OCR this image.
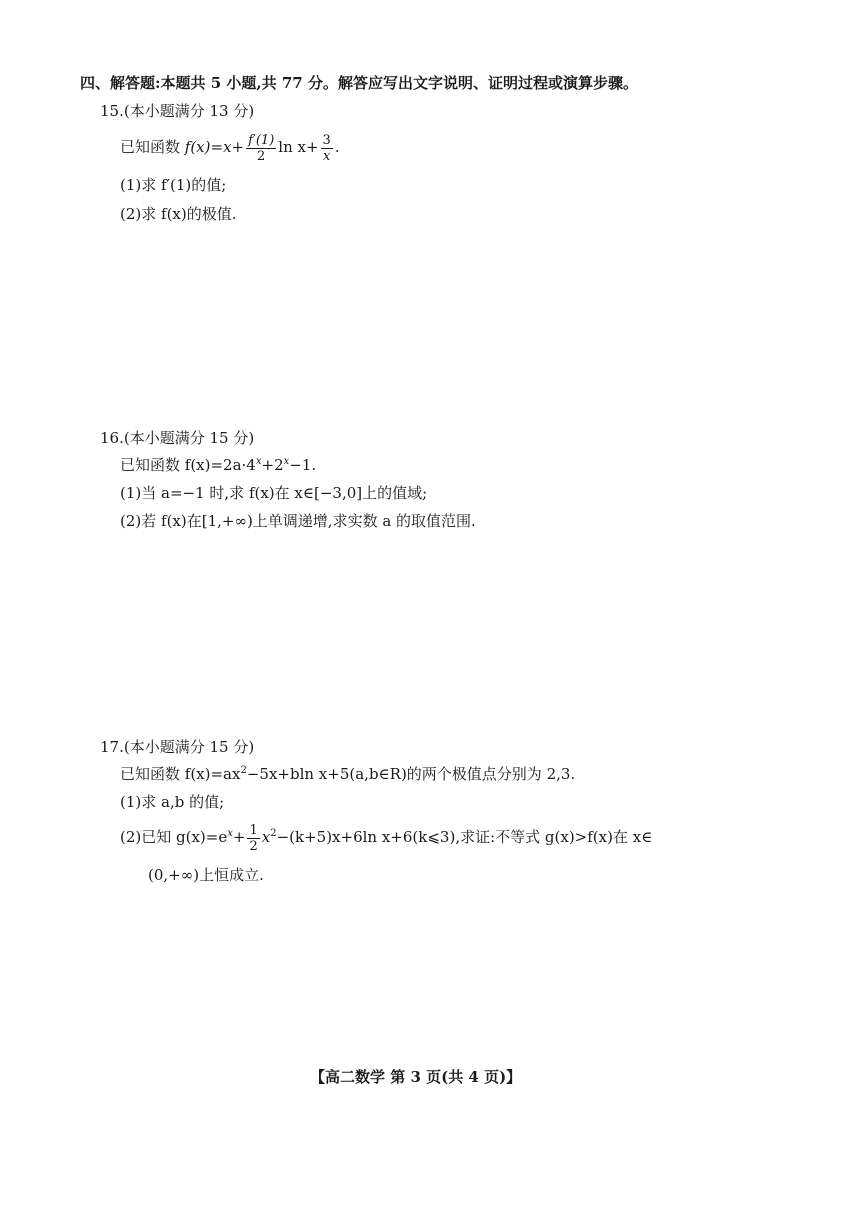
四、解答题:本题共 5 小题,共 77 分。解答应写出文字说明、证明过程或演算步骤。
15.(本小题满分 13 分)
已知函数 $f(x)=x+ \frac{f'(1)}{2}$ $\ln x+ \frac{3}{x}$ .
(1)求 f′(1)的值;
(2)求 f(x)的极值.
16.(本小题满分 15 分)
已知函数 $f(x)=2a\cdot 4^x+2^x-1$.
(1)当 a=−1 时,求 f(x)在 x∈[−3,0]上的值域;
(2)若 f(x)在[1,+∞)上单调递增,求实数 a 的取值范围.
17.(本小题满分 15 分)
已知函数 $f(x)=ax^2-5x+bln$ x+5(a,b∈R)的两个极值点分别为 2,3.
(1)求 a,b 的值;
(2)已知 $g(x)=e^x+ \frac{1}{2} x^2-(k+5)x+6\ln$ x+6(k⩽3),求证:不等式 g(x)>f(x)在 x∈
(0,+∞)上恒成立.
【高二数学 第 3 页(共 4 页)】
